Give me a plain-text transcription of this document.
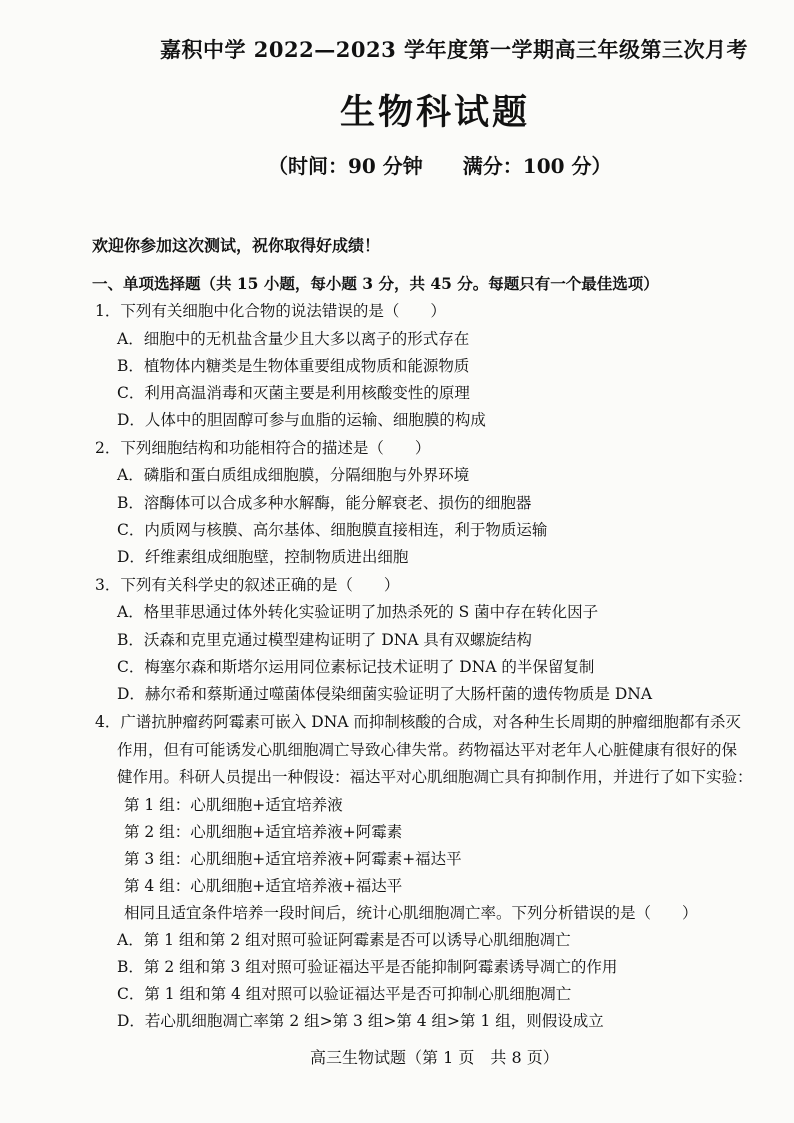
嘉积中学 2022—2023 学年度第一学期高三年级第三次月考
生物科试题
（时间：90 分钟　　满分：100 分）
欢迎你参加这次测试，祝你取得好成绩！
一、单项选择题（共 15 小题，每小题 3 分，共 45 分。每题只有一个最佳选项）
1．下列有关细胞中化合物的说法错误的是（　　）
A．细胞中的无机盐含量少且大多以离子的形式存在
B．植物体内糖类是生物体重要组成物质和能源物质
C．利用高温消毒和灭菌主要是利用核酸变性的原理
D．人体中的胆固醇可参与血脂的运输、细胞膜的构成
2．下列细胞结构和功能相符合的描述是（　　）
A．磷脂和蛋白质组成细胞膜，分隔细胞与外界环境
B．溶酶体可以合成多种水解酶，能分解衰老、损伤的细胞器
C．内质网与核膜、高尔基体、细胞膜直接相连，利于物质运输
D．纤维素组成细胞壁，控制物质进出细胞
3．下列有关科学史的叙述正确的是（　　）
A．格里菲思通过体外转化实验证明了加热杀死的 S 菌中存在转化因子
B．沃森和克里克通过模型建构证明了 DNA 具有双螺旋结构
C．梅塞尔森和斯塔尔运用同位素标记技术证明了 DNA 的半保留复制
D．赫尔希和蔡斯通过噬菌体侵染细菌实验证明了大肠杆菌的遗传物质是 DNA
4．广谱抗肿瘤药阿霉素可嵌入 DNA 而抑制核酸的合成，对各种生长周期的肿瘤细胞都有杀灭
作用，但有可能诱发心肌细胞凋亡导致心律失常。药物福达平对老年人心脏健康有很好的保
健作用。科研人员提出一种假设：福达平对心肌细胞凋亡具有抑制作用，并进行了如下实验：
第 1 组：心肌细胞+适宜培养液
第 2 组：心肌细胞+适宜培养液+阿霉素
第 3 组：心肌细胞+适宜培养液+阿霉素+福达平
第 4 组：心肌细胞+适宜培养液+福达平
相同且适宜条件培养一段时间后，统计心肌细胞凋亡率。下列分析错误的是（　　）
A．第 1 组和第 2 组对照可验证阿霉素是否可以诱导心肌细胞凋亡
B．第 2 组和第 3 组对照可验证福达平是否能抑制阿霉素诱导凋亡的作用
C．第 1 组和第 4 组对照可以验证福达平是否可抑制心肌细胞凋亡
D．若心肌细胞凋亡率第 2 组>第 3 组>第 4 组>第 1 组，则假设成立
高三生物试题（第 1 页　共 8 页）
